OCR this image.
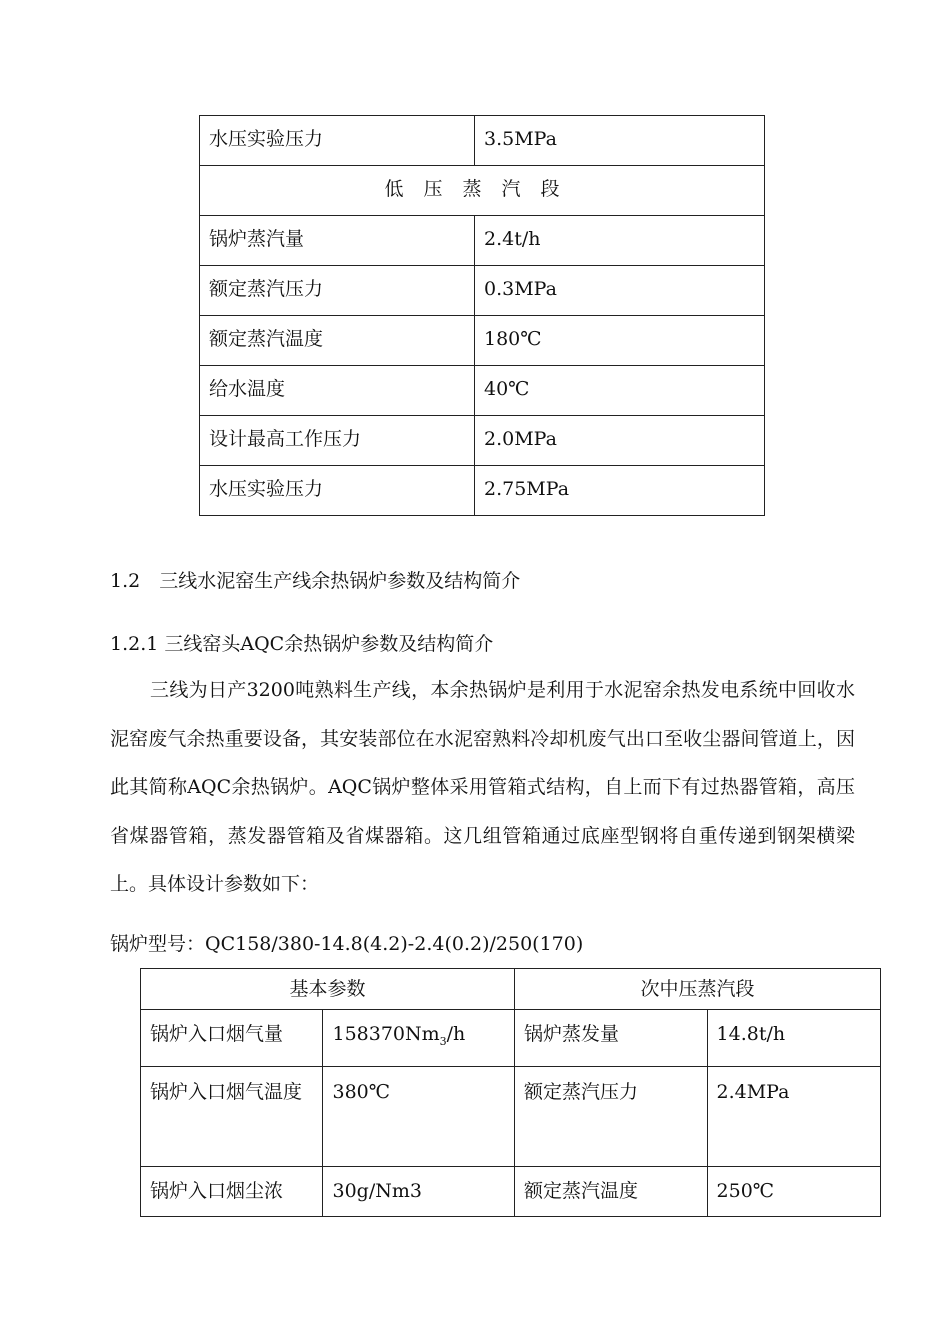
水压实验压力	3.5MPa
低压蒸汽段	
锅炉蒸汽量	2.4t/h
额定蒸汽压力	0.3MPa
额定蒸汽温度	180℃
给水温度	40℃
设计最高工作压力	2.0MPa
水压实验压力	2.75MPa
1.2　三线水泥窑生产线余热锅炉参数及结构简介
1.2.1 三线窑头AQC余热锅炉参数及结构简介
三线为日产3200吨熟料生产线，本余热锅炉是利用于水泥窑余热发电系统中回收水泥窑废气余热重要设备，其安装部位在水泥窑熟料冷却机废气出口至收尘器间管道上，因此其简称AQC余热锅炉。AQC锅炉整体采用管箱式结构，自上而下有过热器管箱，高压省煤器管箱，蒸发器管箱及省煤器箱。这几组管箱通过底座型钢将自重传递到钢架横梁上。具体设计参数如下：
锅炉型号：QC158/380-14.8(4.2)-2.4(0.2)/250(170)
基本参数		次中压蒸汽段	
锅炉入口烟气量	$158370Nm_3/h$	锅炉蒸发量	14.8t/h
锅炉入口烟气温度	380℃	额定蒸汽压力	2.4MPa
锅炉入口烟尘浓	30g/Nm3	额定蒸汽温度	250℃
